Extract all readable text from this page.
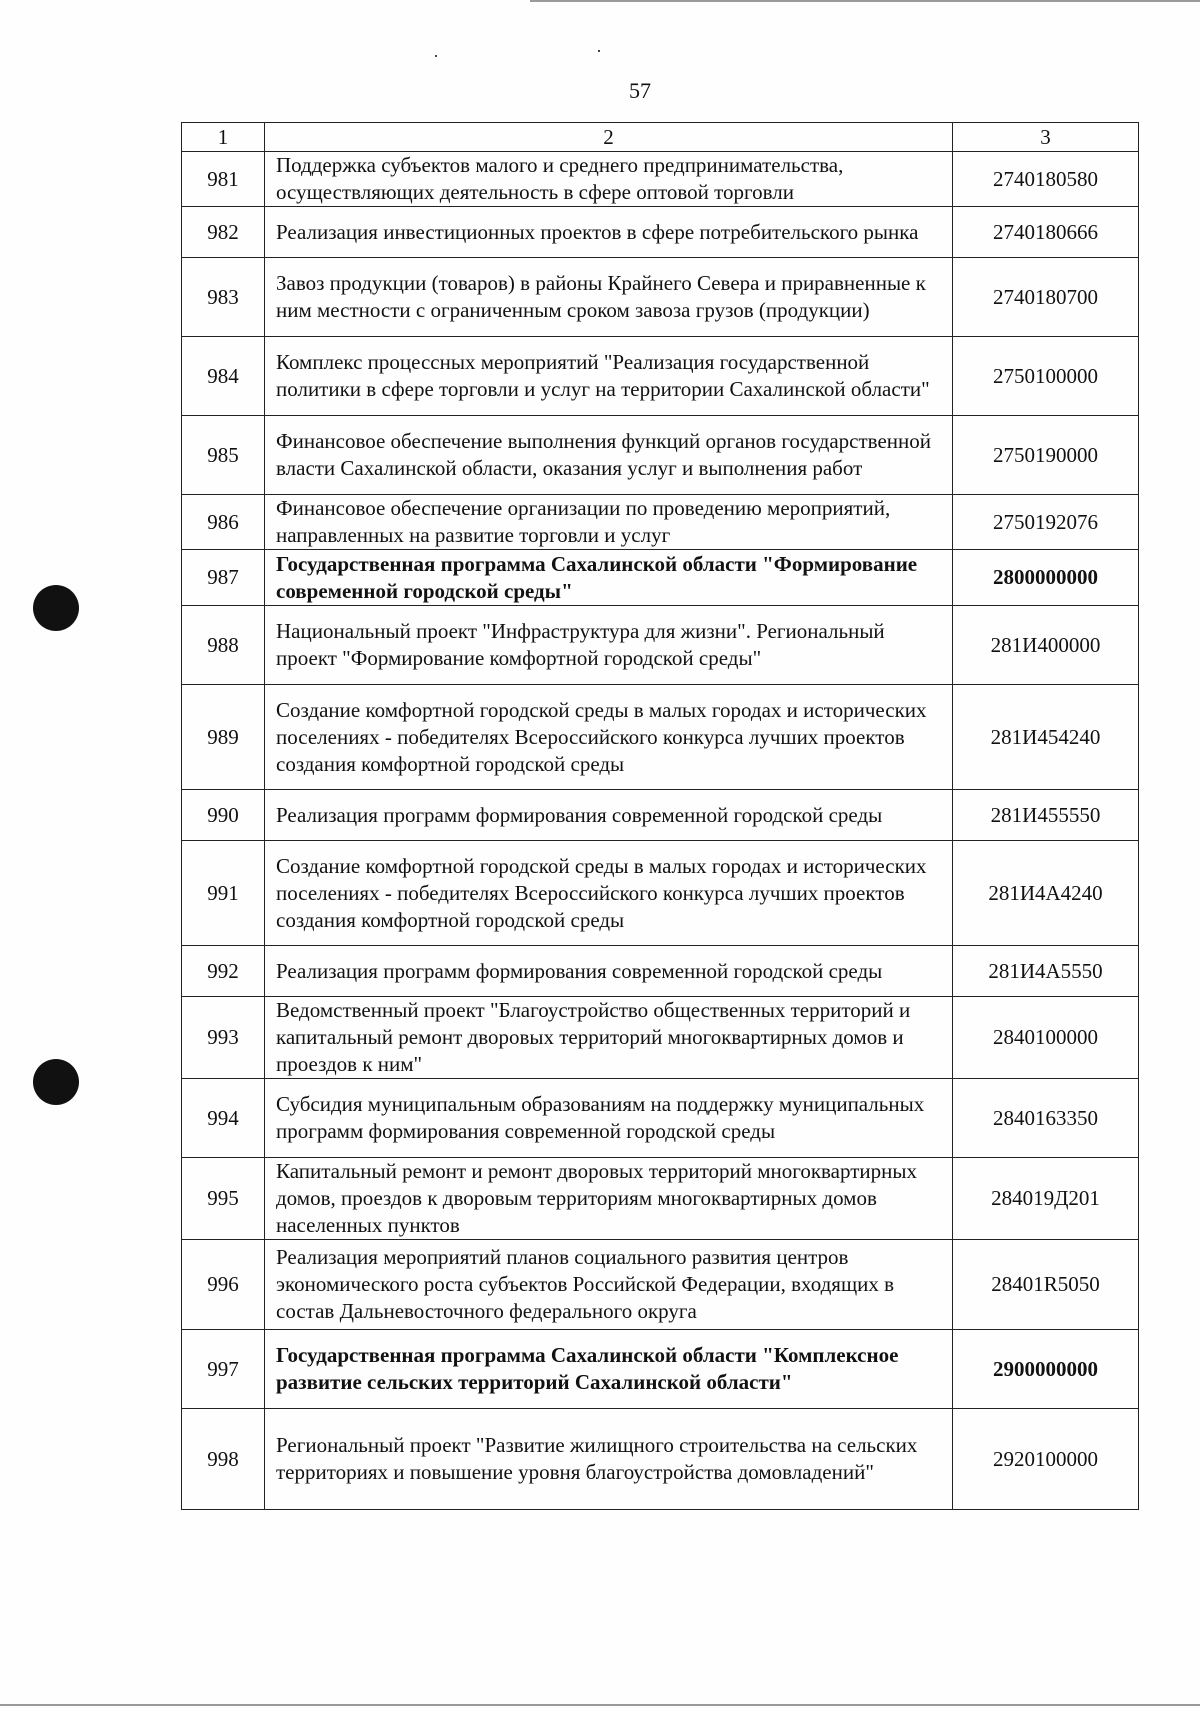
57
1	2	3
981	Поддержка субъектов малого и среднего предпринимательства, осуществляющих деятельность в сфере оптовой торговли	2740180580
982	Реализация инвестиционных проектов в сфере потребительского рынка	2740180666
983	Завоз продукции (товаров) в районы Крайнего Севера и приравненные к ним местности с ограниченным сроком завоза грузов (продукции)	2740180700
984	Комплекс процессных мероприятий "Реализация государственной политики в сфере торговли и услуг на территории Сахалинской области"	2750100000
985	Финансовое обеспечение выполнения функций органов государственной власти Сахалинской области, оказания услуг и выполнения работ	2750190000
986	Финансовое обеспечение организации по проведению мероприятий, направленных на развитие торговли и услуг	2750192076
987	Государственная программа Сахалинской области "Формирование современной городской среды"	2800000000
988	Национальный проект "Инфраструктура для жизни". Региональный проект "Формирование комфортной городской среды"	281И400000
989	Создание комфортной городской среды в малых городах и исторических поселениях - победителях Всероссийского конкурса лучших проектов создания комфортной городской среды	281И454240
990	Реализация программ формирования современной городской среды	281И455550
991	Создание комфортной городской среды в малых городах и исторических поселениях - победителях Всероссийского конкурса лучших проектов создания комфортной городской среды	281И4А4240
992	Реализация программ формирования современной городской среды	281И4А5550
993	Ведомственный проект "Благоустройство общественных территорий и капитальный ремонт дворовых территорий многоквартирных домов и проездов к ним"	2840100000
994	Субсидия муниципальным образованиям на поддержку муниципальных программ формирования современной городской среды	2840163350
995	Капитальный ремонт и ремонт дворовых территорий многоквартирных домов, проездов к дворовым территориям многоквартирных домов населенных пунктов	284019Д201
996	Реализация мероприятий планов социального развития центров экономического роста субъектов Российской Федерации, входящих в состав Дальневосточного федерального округа	28401R5050
997	Государственная программа Сахалинской области "Комплексное развитие сельских территорий Сахалинской области"	2900000000
998	Региональный проект "Развитие жилищного строительства на сельских территориях и повышение уровня благоустройства домовладений"	2920100000
